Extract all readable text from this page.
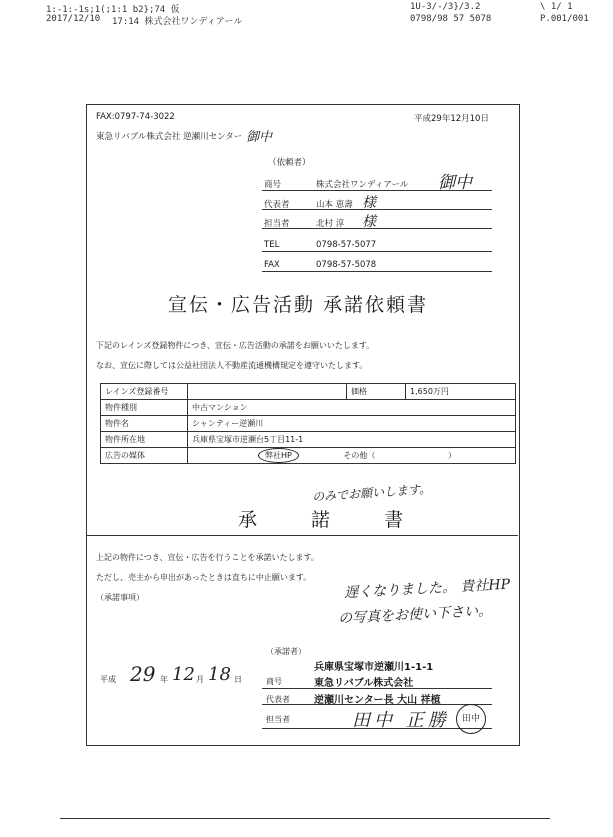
1:-1:-1s;1(;1:1 b2};74 仮	1U-3/-/3}/3.2	\ 1/ 1
2017/12/10 17:14 株式会社ワンディアール	0798/98 57 5078	P.001/001
FAX:0797-74-3022	平成29年12月10日
東急リバブル株式会社 逆瀬川センター 御中
（依頼者）
商号	株式会社ワンディアール 御中
代表者	山本 恵壽 様
担当者	北村 淳 様
TEL	0798-57-5077
FAX	0798-57-5078
宣伝・広告活動 承諾依頼書
下記のレインズ登録物件につき、宣伝・広告活動の承諾をお願いいたします。
なお、宣伝に際しては公益社団法人不動産流通機構規定を遵守いたします。
レインズ登録番号		価格	1,650万円
物件種別	中古マンション		
物件名	シャンティー逆瀬川		
物件所在地	兵庫県宝塚市逆瀬台5丁目11-1		
広告の媒体	弊社HP その他（ ）		
のみでお願いします。
承 諾 書
上記の物件につき、宣伝・広告を行うことを承諾いたします。
ただし、売主から申出があったときは直ちに中止願います。
（承諾事項）	遅くなりました。 貴社HP
の写真をお使い下さい。
平成 29 年 12 月 18 日
（承諾者）
兵庫県宝塚市逆瀬川1-1-1
商号	東急リバブル株式会社
代表者 逆瀬川センター長 大山 祥植
担当者	田中 正勝	田中
